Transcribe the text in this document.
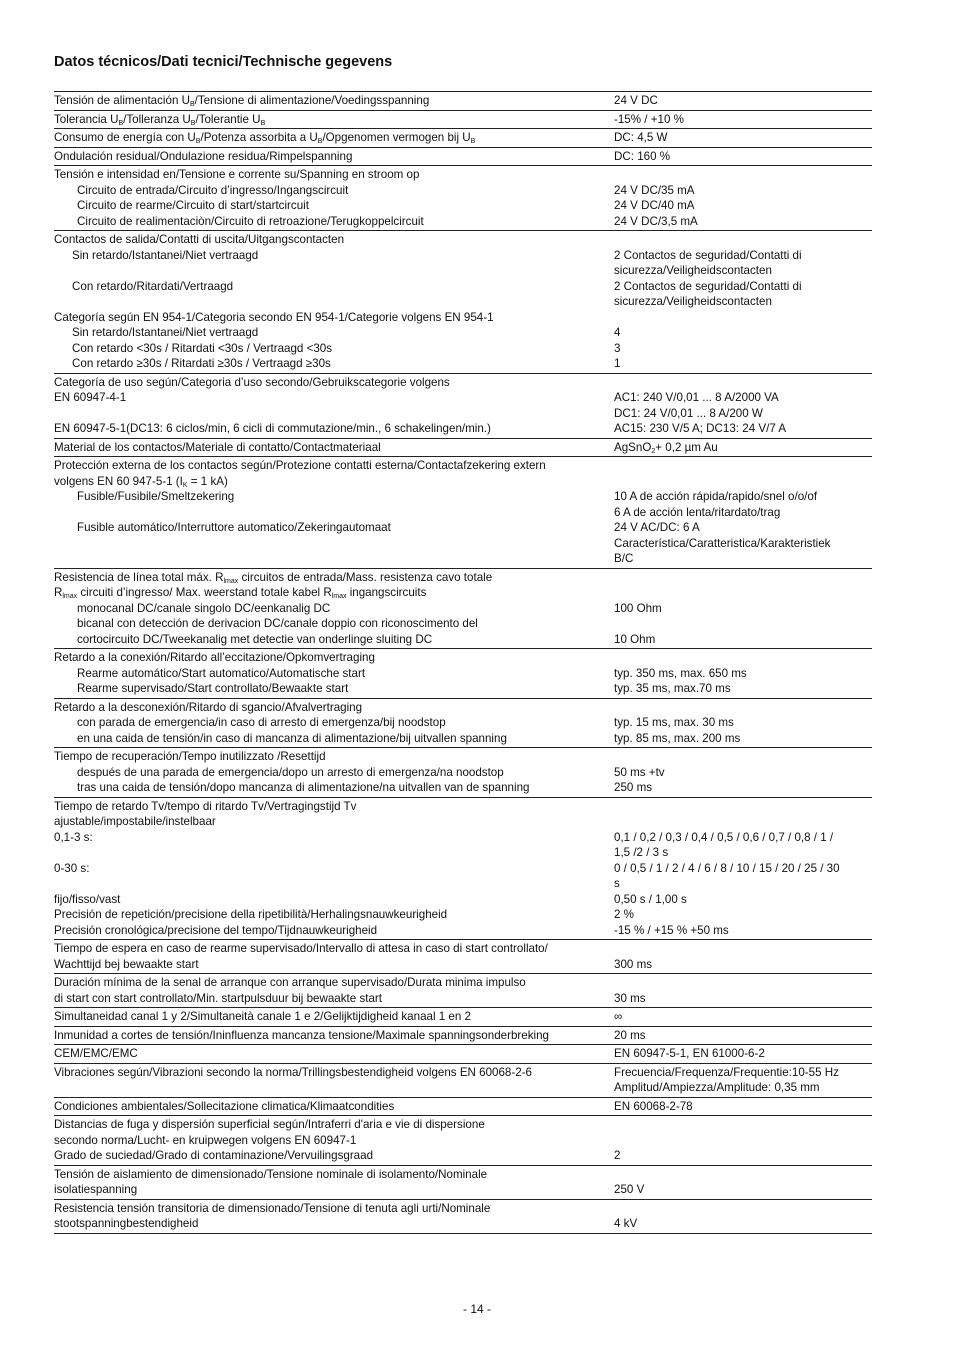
Datos técnicos/Dati tecnici/Technische gegevens
Tensión de alimentación $U_B$/Tensione di alimentazione/Voedingsspanning	24 V DC
Tolerancia $U_B$/Tolleranza $U_B$/Tolerantie $U_B$	-15% / +10 %
Consumo de energía con $U_B$/Potenza assorbita a $U_B$/Opgenomen vermogen bij $U_B$	DC: 4,5 W
Ondulación residual/Ondulazione residua/Rimpelspanning	DC: 160 %
Tensión e intensidad en/Tensione e corrente su/Spanning en stroom op
Circuito de entrada/Circuito d’ingresso/Ingangscircuit	24 V DC/35 mA
Circuito de rearme/Circuito di start/startcircuit	24 V DC/40 mA
Circuito de realimentaciòn/Circuito di retroazione/Terugkoppelcircuit	24 V DC/3,5 mA
Contactos de salida/Contatti di uscita/Uitgangscontacten
Sin retardo/Istantanei/Niet vertraagd	2 Contactos de seguridad/Contatti di
sicurezza/Veiligheidscontacten
Con retardo/Ritardati/Vertraagd	2 Contactos de seguridad/Contatti di
sicurezza/Veiligheidscontacten
Categoría según EN 954-1/Categoria secondo EN 954-1/Categorie volgens EN 954-1
Sin retardo/Istantanei/Niet vertraagd	4
Con retardo <30s / Ritardati <30s / Vertraagd <30s	3
Con retardo ≥30s / Ritardati ≥30s / Vertraagd ≥30s	1
Categoría de uso según/Categoria d’uso secondo/Gebruikscategorie volgens
EN 60947-4-1	AC1: 240 V/0,01 ... 8 A/2000 VA
DC1: 24 V/0,01 ... 8 A/200 W
EN 60947-5-1(DC13: 6 ciclos/min, 6 cicli di commutazione/min., 6 schakelingen/min.)	AC15: 230 V/5 A; DC13: 24 V/7 A
Material de los contactos/Materiale di contatto/Contactmateriaal	AgSnO$_2$+ 0,2 µm Au
Protección externa de los contactos según/Protezione contatti esterna/Contactafzekering extern
volgens EN 60 947-5-1 ($I_K = 1$ kA)
Fusible/Fusibile/Smeltzekering	10 A de acción rápida/rapido/snel o/o/of
6 A de acción lenta/ritardato/trag
Fusible automático/Interruttore automatico/Zekeringautomaat	24 V AC/DC: 6 A
Característica/Caratteristica/Karakteristiek
B/C
Resistencia de línea total máx. $R_{lmax}$ circuitos de entrada/Mass. resistenza cavo totale
$R_{lmax}$ circuiti d’ingresso/ Max. weerstand totale kabel $R_{lmax}$ ingangscircuits
monocanal DC/canale singolo DC/eenkanalig DC	100 Ohm
bicanal con detección de derivacion DC/canale doppio con riconoscimento del
cortocircuito DC/Tweekanalig met detectie van onderlinge sluiting DC	10 Ohm
Retardo a la conexión/Ritardo all’eccitazione/Opkomvertraging
Rearme automático/Start automatico/Automatische start	typ. 350 ms, max. 650 ms
Rearme supervisado/Start controllato/Bewaakte start	typ. 35 ms, max.70 ms
Retardo a la desconexión/Ritardo di sgancio/Afvalvertraging
con parada de emergencia/in caso di arresto di emergenza/bij noodstop	typ. 15 ms, max. 30 ms
en una caida de tensión/in caso di mancanza di alimentazione/bij uitvallen spanning	typ. 85 ms, max. 200 ms
Tiempo de recuperación/Tempo inutilizzato /Resettijd
después de una parada de emergencia/dopo un arresto di emergenza/na noodstop	50 ms +tv
tras una caida de tensión/dopo mancanza di alimentazione/na uitvallen van de spanning	250 ms
Tiempo de retardo Tv/tempo di ritardo Tv/Vertragingstijd Tv
ajustable/impostabile/instelbaar
0,1-3 s:	0,1 / 0,2 / 0,3 / 0,4 / 0,5 / 0,6 / 0,7 / 0,8 / 1 /
1,5 /2 / 3 s
0-30 s:	0 / 0,5 / 1 / 2 / 4 / 6 / 8 / 10 / 15 / 20 / 25 / 30
s
fijo/fisso/vast	0,50 s / 1,00 s
Precisión de repetición/precisione della ripetibilità/Herhalingsnauwkeurigheid	2 %
Precisión cronológica/precisione del tempo/Tijdnauwkeurigheid	-15 % / +15 % +50 ms
Tiempo de espera en caso de rearme supervisado/Intervallo di attesa in caso di start controllato/
Wachttijd bej bewaakte start	300 ms
Duración mínima de la senal de arranque con arranque supervisado/Durata minima impulso
di start con start controllato/Min. startpulsduur bij bewaakte start	30 ms
Simultaneidad canal 1 y 2/Simultaneità canale 1 e 2/Gelijktijdigheid kanaal 1 en 2	∞
Inmunidad a cortes de tensión/Ininfluenza mancanza tensione/Maximale spanningsonderbreking	20 ms
CEM/EMC/EMC	EN 60947-5-1, EN 61000-6-2
Vibraciones según/Vibrazioni secondo la norma/Trillingsbestendigheid volgens EN 60068-2-6	Frecuencia/Frequenza/Frequentie:10-55 Hz
Amplitud/Ampiezza/Amplitude: 0,35 mm
Condiciones ambientales/Sollecitazione climatica/Klimaatcondities	EN 60068-2-78
Distancias de fuga y dispersión superficial según/Intraferri d'aria e vie di dispersione
secondo norma/Lucht- en kruipwegen volgens EN 60947-1
Grado de suciedad/Grado di contaminazione/Vervuilingsgraad	2
Tensión de aislamiento de dimensionado/Tensione nominale di isolamento/Nominale
isolatiespanning	250 V
Resistencia tensión transitoria de dimensionado/Tensione di tenuta agli urti/Nominale
stootspanningbestendigheid	4 kV
- 14 -
